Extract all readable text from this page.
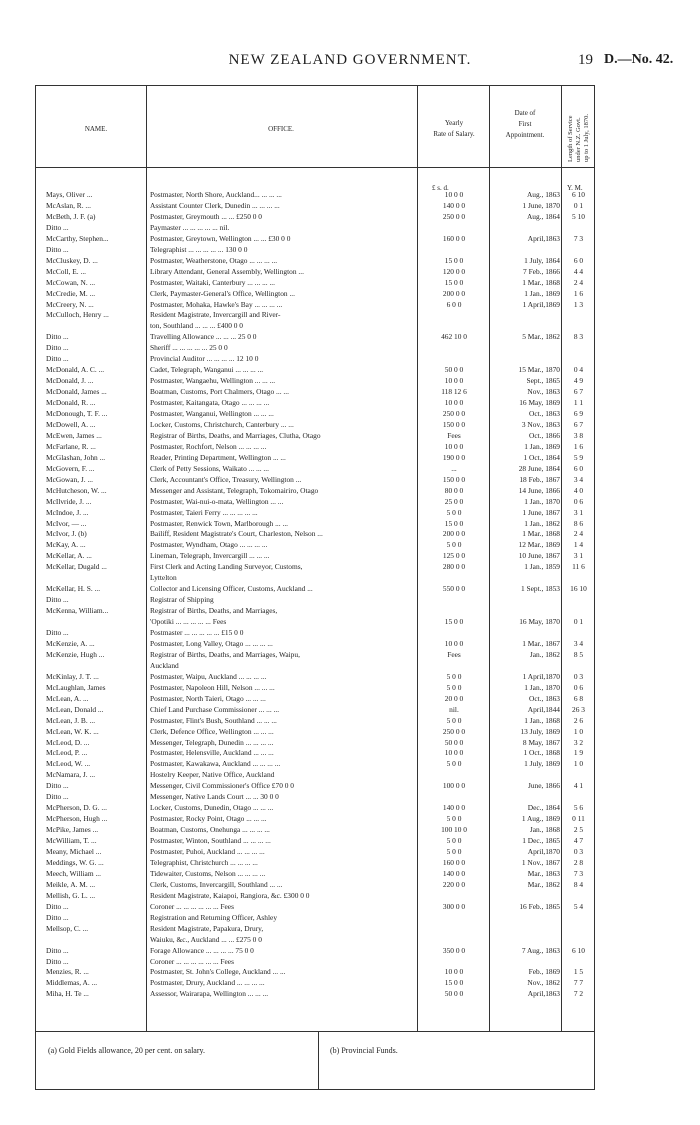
NEW ZEALAND GOVERNMENT.	19 D.—No. 42.
NAME.	OFFICE.
Yearly
Rate of Salary.
Date of
First
Appointment.	Length of Service under N.Z. Govt. up to 1 July, 1870.
£ s. d.	Y. M.
Mays, Oliver ...	Postmaster, North Shore, Auckland... ... ... ...	10 0 0	Aug., 1863	6 10
McAslan, R. ...	Assistant Counter Clerk, Dunedin ... ... ... ...	140 0 0	1 June, 1870	0 1
McBeth, J. F. (a)	Postmaster, Greymouth ... ... £250 0 0	250 0 0	Aug., 1864	5 10
Ditto ...	Paymaster ... ... ... ... ... nil.
McCarthy, Stephen...	Postmaster, Greytown, Wellington ... ... £30 0 0	160 0 0	April,1863	7 3
Ditto ...	Telegraphist ... ... ... ... ... 130 0 0
McCluskey, D. ...	Postmaster, Weatherstone, Otago ... ... ... ...	15 0 0	1 July, 1864	6 0
McColl, E. ...	Library Attendant, General Assembly, Wellington ...	120 0 0	7 Feb., 1866	4 4
McCowan, N. ...	Postmaster, Waitaki, Canterbury ... ... ... ...	15 0 0	1 Mar., 1868	2 4
McCredie, M. ...	Clerk, Paymaster-General's Office, Wellington ...	200 0 0	1 Jan., 1869	1 6
McCreery, N. ...	Postmaster, Mohaka, Hawke's Bay ... ... ... ...	6 0 0	1 April,1869	1 3
McCulloch, Henry ...	Resident Magistrate, Invercargill and River-
ton, Southland ... ... ... £400 0 0
Ditto ...	Travelling Allowance ... ... ... 25 0 0	462 10 0	5 Mar., 1862	8 3
Ditto ...	Sheriff ... ... ... ... ... 25 0 0
Ditto ...	Provincial Auditor ... ... ... ... 12 10 0
McDonald, A. C. ...	Cadet, Telegraph, Wanganui ... ... ... ...	50 0 0	15 Mar., 1870	0 4
McDonald, J. ...	Postmaster, Wangaehu, Wellington ... ... ...	10 0 0	Sept., 1865	4 9
McDonald, James ...	Boatman, Customs, Port Chalmers, Otago ... ...	118 12 6	Nov., 1863	6 7
McDonald, R. ...	Postmaster, Kaitangata, Otago ... ... ... ...	10 0 0	16 May, 1869	1 1
McDonough, T. F. ...	Postmaster, Wanganui, Wellington ... ... ...	250 0 0	Oct., 1863	6 9
McDowell, A. ...	Locker, Customs, Christchurch, Canterbury ... ...	150 0 0	3 Nov., 1863	6 7
McEwen, James ...	Registrar of Births, Deaths, and Marriages, Clutha, Otago	Fees	Oct., 1866	3 8
McFarlane, R. ...	Postmaster, Rochfort, Nelson ... ... ... ...	10 0 0	1 Jan., 1869	1 6
McGlashan, John ...	Reader, Printing Department, Wellington ... ...	190 0 0	1 Oct., 1864	5 9
McGovern, F. ...	Clerk of Petty Sessions, Waikato ... ... ...	...	28 June, 1864	6 0
McGowan, J. ...	Clerk, Accountant's Office, Treasury, Wellington ...	150 0 0	18 Feb., 1867	3 4
McHutcheson, W. ...	Messenger and Assistant, Telegraph, Tokomairiro, Otago	80 0 0	14 June, 1866	4 0
McIlvride, J. ...	Postmaster, Wai-nui-o-mata, Wellington ... ...	25 0 0	1 Jan., 1870	0 6
McIndoe, J. ...	Postmaster, Taieri Ferry ... ... ... ... ...	5 0 0	1 June, 1867	3 1
McIvor, — ...	Postmaster, Renwick Town, Marlborough ... ...	15 0 0	1 Jan., 1862	8 6
McIvor, J. (b)	Bailiff, Resident Magistrate's Court, Charleston, Nelson ...	200 0 0	1 Mar., 1868	2 4
McKay, A. ...	Postmaster, Wyndham, Otago ... ... ... ...	5 0 0	12 Mar., 1869	1 4
McKellar, A. ...	Lineman, Telegraph, Invercargill ... ... ...	125 0 0	10 June, 1867	3 1
McKellar, Dugald ...	First Clerk and Acting Landing Surveyor, Customs,	280 0 0	1 Jan., 1859	11 6
Lyttelton
McKellar, H. S. ...	Collector and Licensing Officer, Customs, Auckland ...	550 0 0	1 Sept., 1853	16 10
Ditto ...	Registrar of Shipping
McKenna, William...	Registrar of Births, Deaths, and Marriages,
'Opotiki ... ... ... ... ... Fees	15 0 0	16 May, 1870	0 1
Ditto ...	Postmaster ... ... ... ... ... £15 0 0
McKenzie, A. ...	Postmaster, Long Valley, Otago ... ... ... ...	10 0 0	1 Mar., 1867	3 4
McKenzie, Hugh ...	Registrar of Births, Deaths, and Marriages, Waipu,	Fees	Jan., 1862	8 5
Auckland
McKinlay, J. T. ...	Postmaster, Waipu, Auckland ... ... ... ...	5 0 0	1 April,1870	0 3
McLaughlan, James	Postmaster, Napoleon Hill, Nelson ... ... ...	5 0 0	1 Jan., 1870	0 6
McLean, A. ...	Postmaster, North Taieri, Otago ... ... ...	20 0 0	Oct., 1863	6 8
McLean, Donald ...	Chief Land Purchase Commissioner ... ... ...	nil.	April,1844	26 3
McLean, J. B. ...	Postmaster, Flint's Bush, Southland ... ... ...	5 0 0	1 Jan., 1868	2 6
McLean, W. K. ...	Clerk, Defence Office, Wellington ... ... ...	250 0 0	13 July, 1869	1 0
McLeod, D. ...	Messenger, Telegraph, Dunedin ... ... ... ...	50 0 0	8 May, 1867	3 2
McLeod, P. ...	Postmaster, Helensville, Auckland ... ... ...	10 0 0	1 Oct., 1868	1 9
McLeod, W. ...	Postmaster, Kawakawa, Auckland ... ... ... ...	5 0 0	1 July, 1869	1 0
McNamara, J. ...	Hostelry Keeper, Native Office, Auckland
Ditto ...	Messenger, Civil Commissioner's Office £70 0 0	100 0 0	June, 1866	4 1
Ditto ...	Messenger, Native Lands Court ... ... 30 0 0
McPherson, D. G. ...	Locker, Customs, Dunedin, Otago ... ... ...	140 0 0	Dec., 1864	5 6
McPherson, Hugh ...	Postmaster, Rocky Point, Otago ... ... ...	5 0 0	1 Aug., 1869	0 11
McPike, James ...	Boatman, Customs, Onehunga ... ... ... ...	100 10 0	Jan., 1868	2 5
McWilliam, T. ...	Postmaster, Winton, Southland ... ... ... ...	5 0 0	1 Dec., 1865	4 7
Meany, Michael ...	Postmaster, Puhoi, Auckland ... ... ... ...	5 0 0	April,1870	0 3
Meddings, W. G. ...	Telegraphist, Christchurch ... ... ... ...	160 0 0	1 Nov., 1867	2 8
Meech, William ...	Tidewaiter, Customs, Nelson ... ... ... ...	140 0 0	Mar., 1863	7 3
Meikle, A. M. ...	Clerk, Customs, Invercargill, Southland ... ...	220 0 0	Mar., 1862	8 4
Mellish, G. L. ...	Resident Magistrate, Kaiapoi, Rangiora, &c. £300 0 0
Ditto ...	Coroner ... ... ... ... ... ... Fees	300 0 0	16 Feb., 1865	5 4
Ditto ...	Registration and Returning Officer, Ashley
Mellsop, C. ...	Resident Magistrate, Papakura, Drury,
Waiuku, &c., Auckland ... ... £275 0 0
Ditto ...	Forage Allowance ... ... ... ... 75 0 0	350 0 0	7 Aug., 1863	6 10
Ditto ...	Coroner ... ... ... ... ... ... Fees
Menzies, R. ...	Postmaster, St. John's College, Auckland ... ...	10 0 0	Feb., 1869	1 5
Middlemas, A. ...	Postmaster, Drury, Auckland ... ... ... ...	15 0 0	Nov., 1862	7 7
Miha, H. Te ...	Assessor, Wairarapa, Wellington ... ... ...	50 0 0	April,1863	7 2
(a) Gold Fields allowance, 20 per cent. on salary.	(b) Provincial Funds.
